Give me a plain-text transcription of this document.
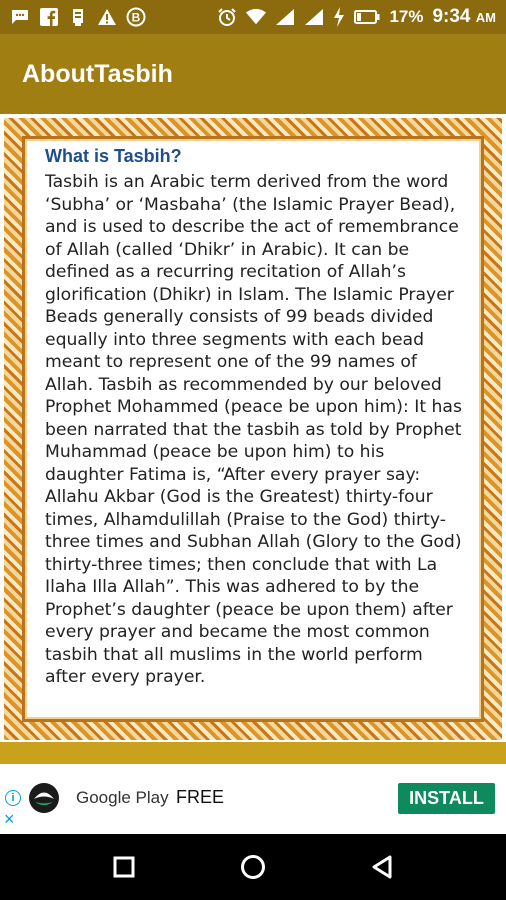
B	17% 9:34 AM
AboutTasbih
What is Tasbih?
Tasbih is an Arabic term derived from the word ‘Subha’ or ‘Masbaha’ (the Islamic Prayer Bead), and is used to describe the act of remembrance of Allah (called ‘Dhikr’ in Arabic). It can be defined as a recurring recitation of Allah’s glorification (Dhikr) in Islam. The Islamic Prayer Beads generally consists of 99 beads divided equally into three segments with each bead meant to represent one of the 99 names of Allah. Tasbih as recommended by our beloved Prophet Mohammed (peace be upon him): It has been narrated that the tasbih as told by Prophet Muhammad (peace be upon him) to his daughter Fatima is, “After every prayer say: Allahu Akbar (God is the Greatest) thirty-four times, Alhamdulillah (Praise to the God) thirty-three times and Subhan Allah (Glory to the God) thirty-three times; then conclude that with La Ilaha Illa Allah”. This was adhered to by the Prophet’s daughter (peace be upon them) after every prayer and became the most common tasbih that all muslims in the world perform after every prayer.
i
×
Google Play FREE	INSTALL
